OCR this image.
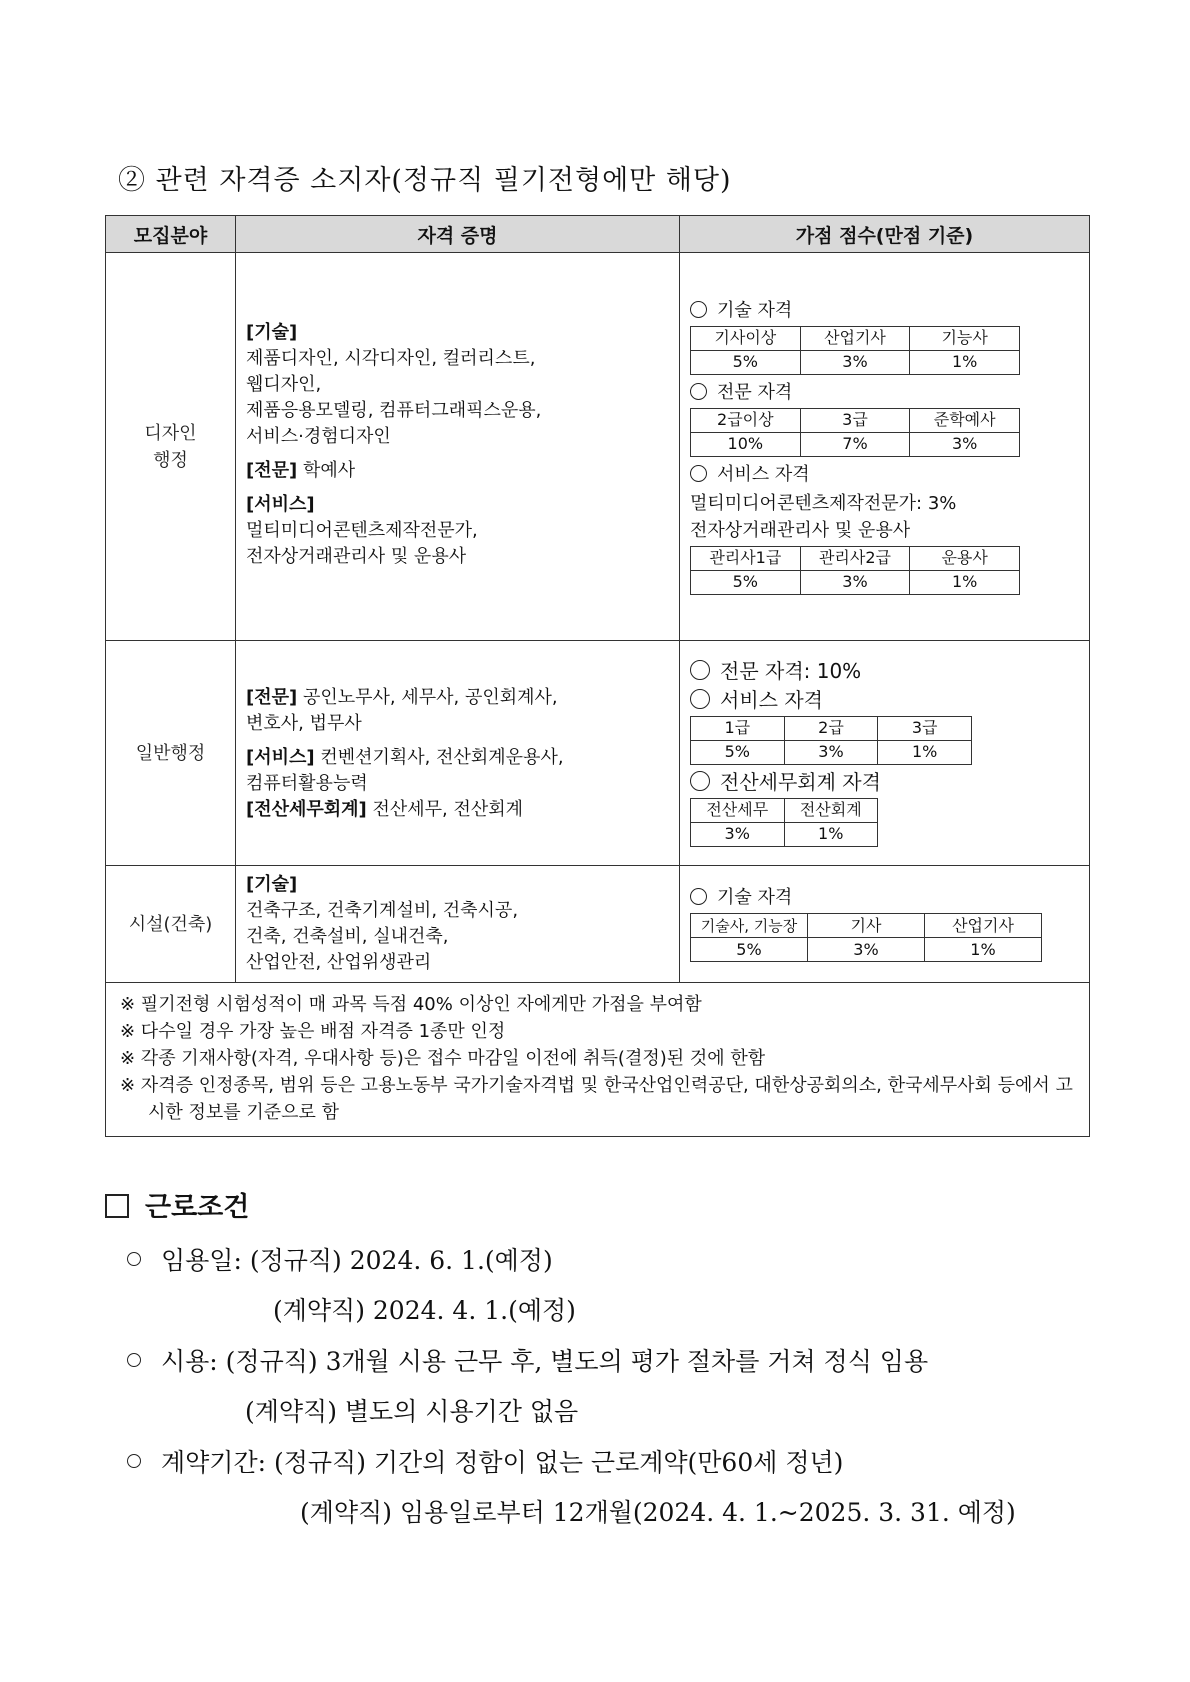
② 관련 자격증 소지자(정규직 필기전형에만 해당)
모집분야	자격 증명	가점 점수(만점 기준)

디자인
행정

[기술]
제품디자인, 시각디자인, 컬러리스트,
웹디자인,
제품응용모델링, 컴퓨터그래픽스운용,
서비스·경험디자인
[전문] 학예사
[서비스]
멀티미디어콘텐츠제작전문가,
전자상거래관리사 및 운용사

기술 자격
기사이상	산업기사	기능사
5%	3%	1%
전문 자격
2급이상	3급	준학예사
10%	7%	3%
서비스 자격
멀티미디어콘텐츠제작전문가: 3%
전자상거래관리사 및 운용사
관리사1급	관리사2급	운용사
5%	3%	1%

일반행정	
[전문] 공인노무사, 세무사, 공인회계사,
변호사, 법무사
[서비스] 컨벤션기획사, 전산회계운용사,
컴퓨터활용능력
[전산세무회계] 전산세무, 전산회계

전문 자격: 10%
서비스 자격
1급	2급	3급
5%	3%	1%
전산세무회계 자격
전산세무	전산회계
3%	1%

시설(건축)	
[기술]
건축구조, 건축기계설비, 건축시공,
건축, 건축설비, 실내건축,
산업안전, 산업위생관리

기술 자격
기술사, 기능장	기사	산업기사
5%	3%	1%

※ 필기전형 시험성적이 매 과목 득점 40% 이상인 자에게만 가점을 부여함
※ 다수일 경우 가장 높은 배점 자격증 1종만 인정
※ 각종 기재사항(자격, 우대사항 등)은 접수 마감일 이전에 취득(결정)된 것에 한함
※ 자격증 인정종목, 범위 등은 고용노동부 국가기술자격법 및 한국산업인력공단, 대한상공회의소, 한국세무사회 등에서 고시한 정보를 기준으로 함
근로조건
임용일: (정규직) 2024. 6. 1.(예정)
(계약직) 2024. 4. 1.(예정)
시용: (정규직) 3개월 시용 근무 후, 별도의 평가 절차를 거쳐 정식 임용
(계약직) 별도의 시용기간 없음
계약기간: (정규직) 기간의 정함이 없는 근로계약(만60세 정년)
(계약직) 임용일로부터 12개월(2024. 4. 1.~2025. 3. 31. 예정)
